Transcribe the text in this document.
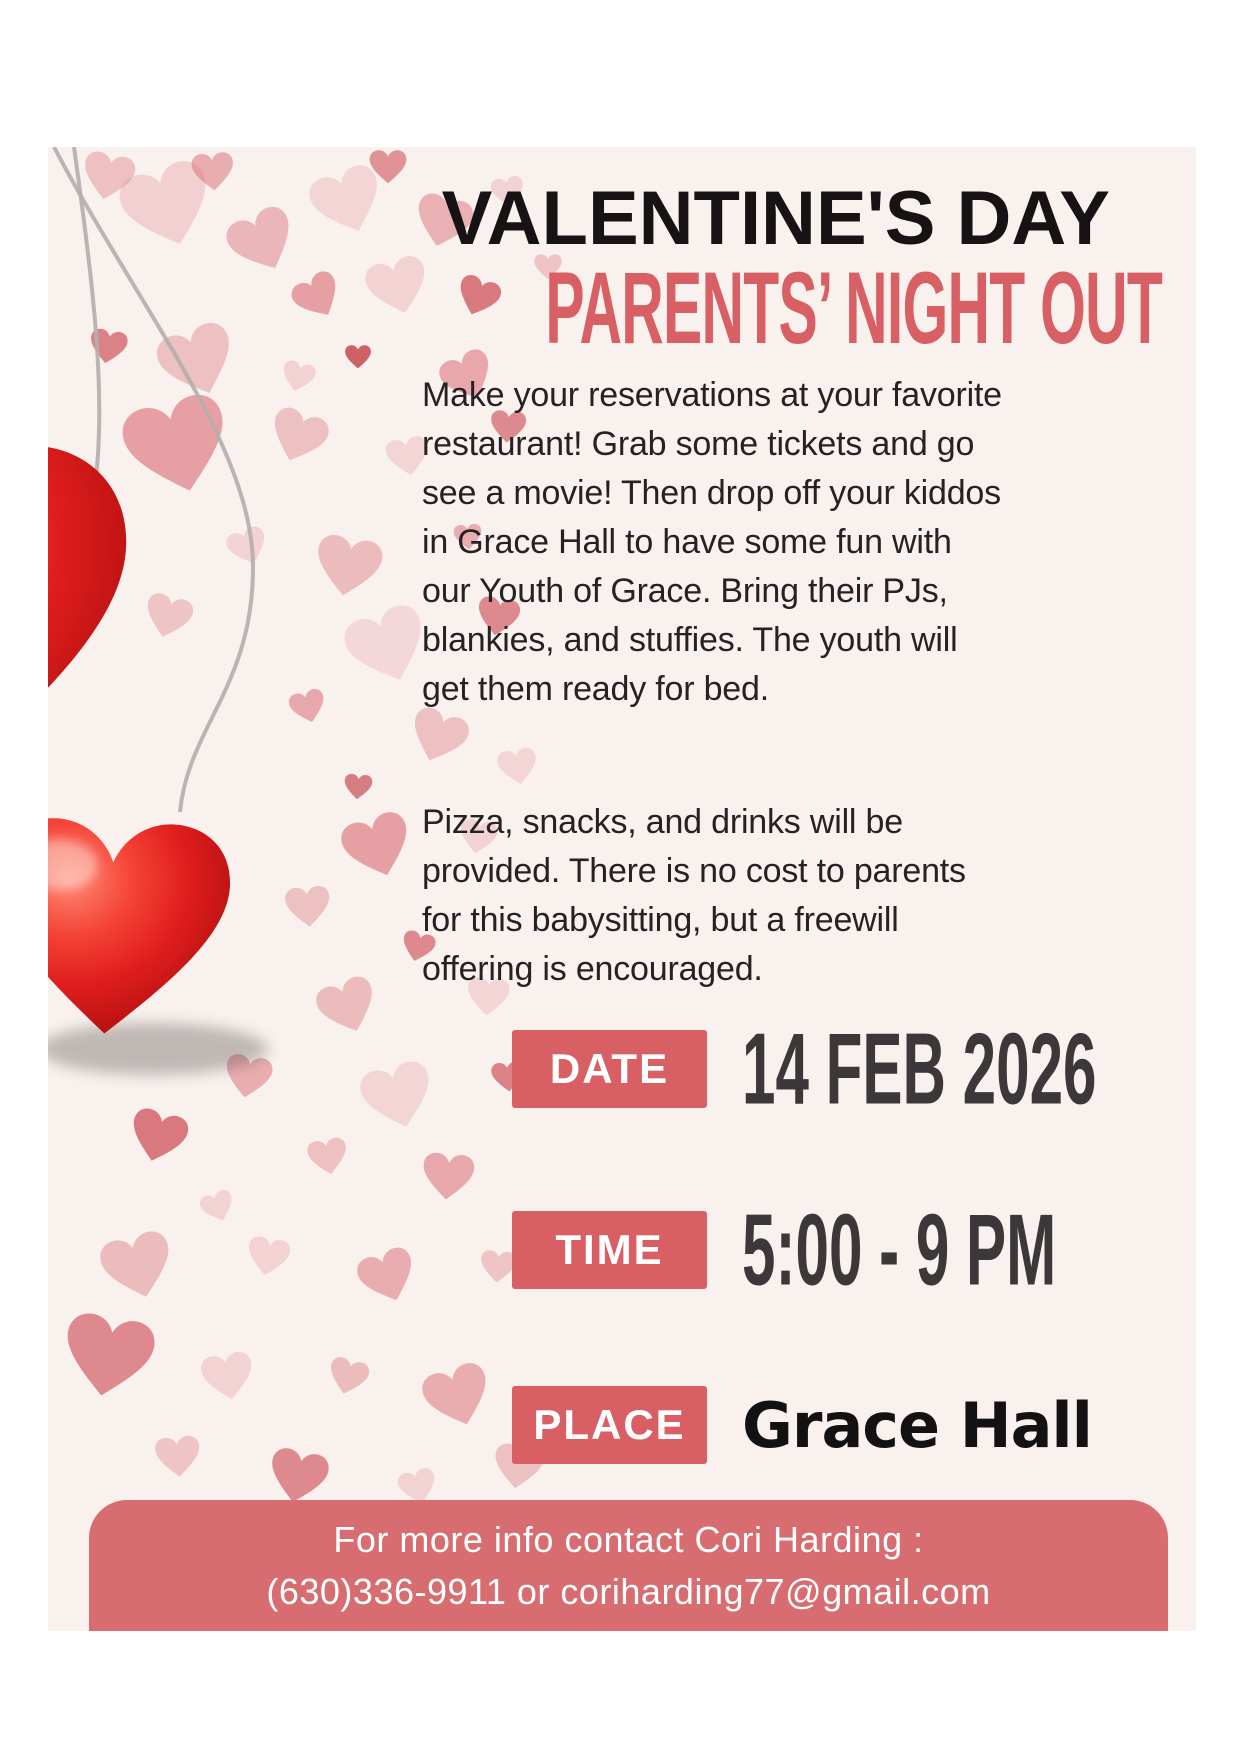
VALENTINE'S DAY
PARENTS’ NIGHT OUT

Make your reservations at your favorite
restaurant! Grab some tickets and go
see a movie! Then drop off your kiddos
in Grace Hall to have some fun with
our Youth of Grace. Bring their PJs,
blankies, and stuffies. The youth will
get them ready for bed.

Pizza, snacks, and drinks will be
provided. There is no cost to parents
for this babysitting, but a freewill
offering is encouraged.

DATE 14 FEB 2026
TIME 5:00 - 9 PM
PLACE Grace Hall
For more info contact Cori Harding :
(630)336-9911 or coriharding77@gmail.com
